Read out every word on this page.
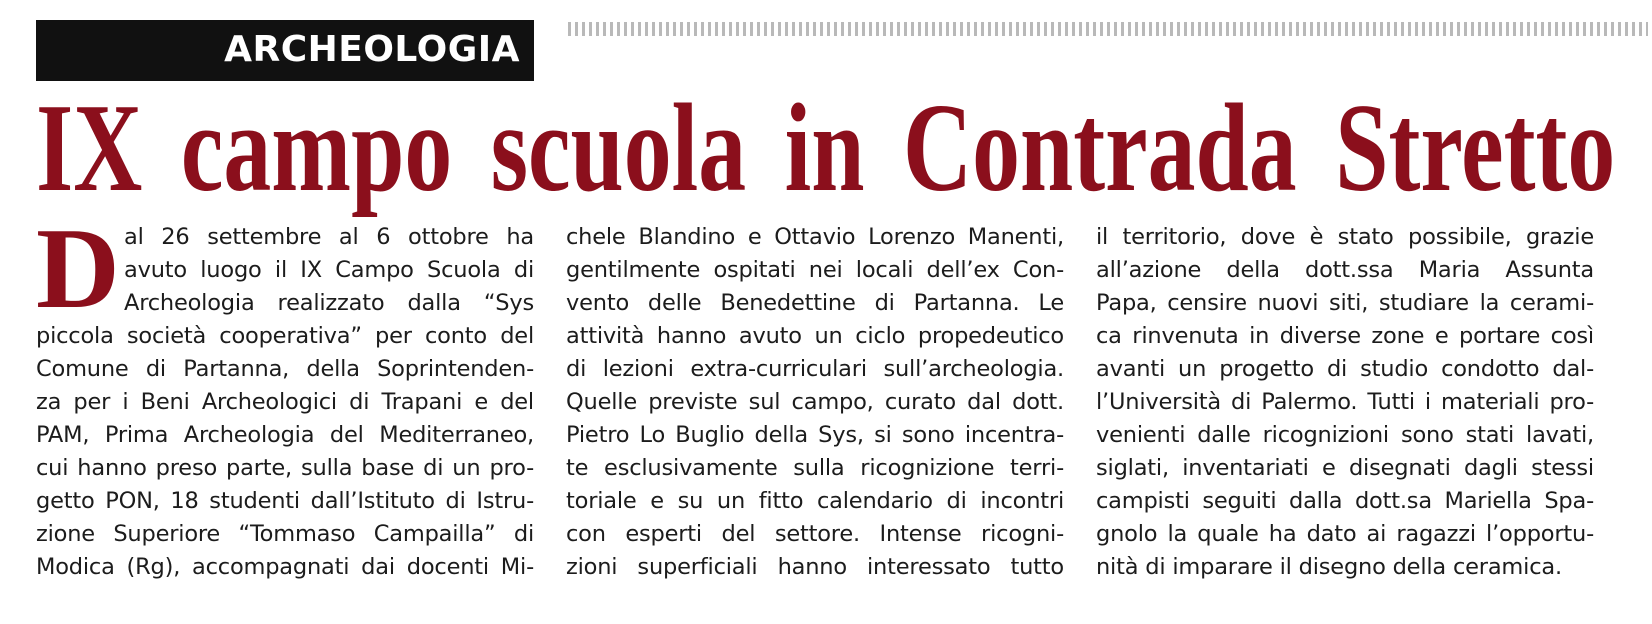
ARCHEOLOGIA
IX campo scuola in Contrada Stretto
D al 26 settembre al 6 ottobre ha
avuto luogo il IX Campo Scuola di
Archeologia realizzato dalla “Sys
piccola società cooperativa” per conto del
Comune di Partanna, della Soprintenden-
za per i Beni Archeologici di Trapani e del
PAM, Prima Archeologia del Mediterraneo,
cui hanno preso parte, sulla base di un pro-
getto PON, 18 studenti dall’Istituto di Istru-
zione Superiore “Tommaso Campailla” di
Modica (Rg), accompagnati dai docenti Mi-
chele Blandino e Ottavio Lorenzo Manenti,
gentilmente ospitati nei locali dell’ex Con-
vento delle Benedettine di Partanna. Le
attività hanno avuto un ciclo propedeutico
di lezioni extra-curriculari sull’archeologia.
Quelle previste sul campo, curato dal dott.
Pietro Lo Buglio della Sys, si sono incentra-
te esclusivamente sulla ricognizione terri-
toriale e su un fitto calendario di incontri
con esperti del settore. Intense ricogni-
zioni superficiali hanno interessato tutto
il territorio, dove è stato possibile, grazie
all’azione della dott.ssa Maria Assunta
Papa, censire nuovi siti, studiare la cerami-
ca rinvenuta in diverse zone e portare così
avanti un progetto di studio condotto dal-
l’Università di Palermo. Tutti i materiali pro-
venienti dalle ricognizioni sono stati lavati,
siglati, inventariati e disegnati dagli stessi
campisti seguiti dalla dott.sa Mariella Spa-
gnolo la quale ha dato ai ragazzi l’opportu-
nità di imparare il disegno della ceramica.
